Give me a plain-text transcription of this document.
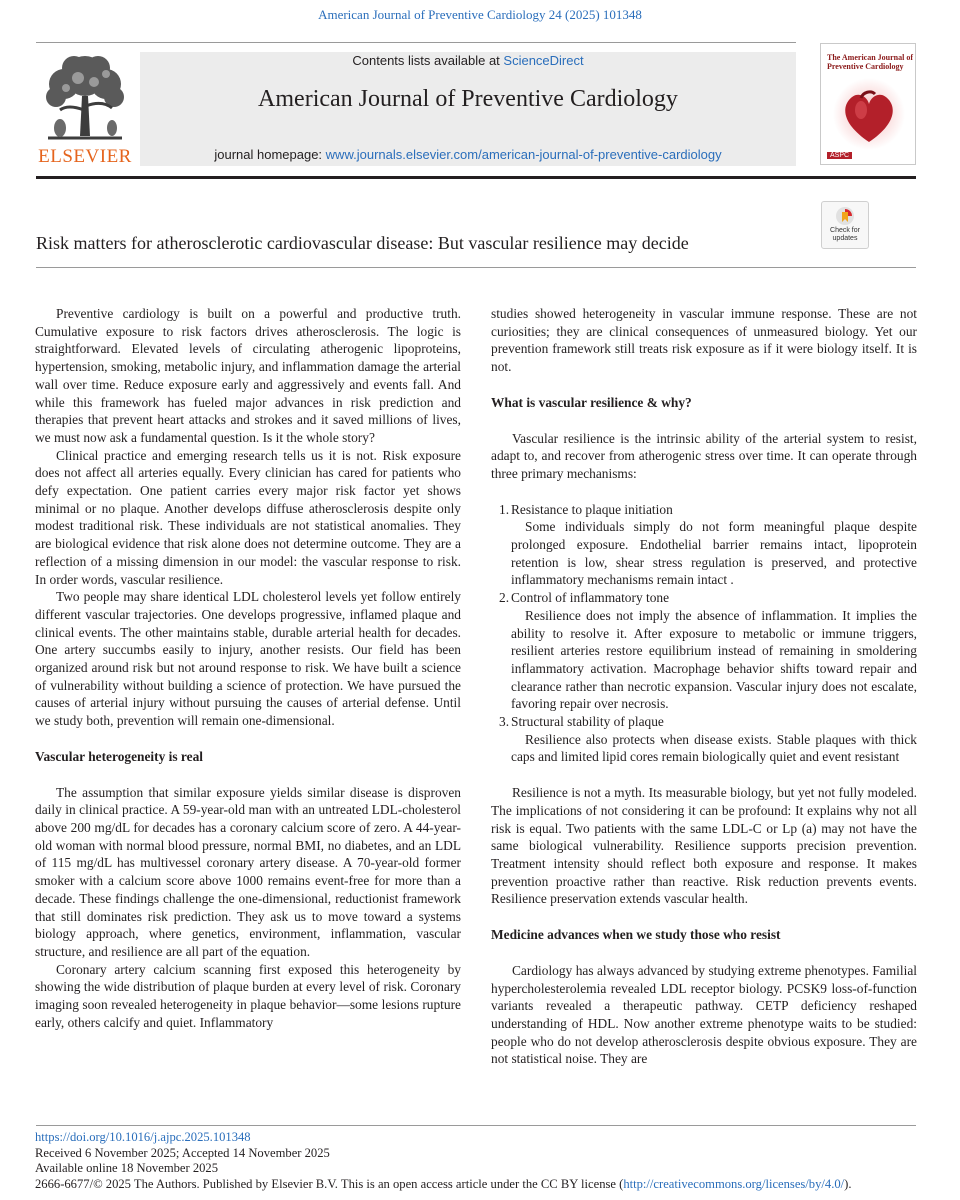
American Journal of Preventive Cardiology 24 (2025) 101348
ELSEVIER
Contents lists available at ScienceDirect
American Journal of Preventive Cardiology
journal homepage: www.journals.elsevier.com/american-journal-of-preventive-cardiology
The American Journal of Preventive Cardiology
ASPC
Risk matters for atherosclerotic cardiovascular disease: But vascular resilience may decide
Check for
updates

Preventive cardiology is built on a powerful and productive truth. Cumulative exposure to risk factors drives atherosclerosis. The logic is straightforward. Elevated levels of circulating atherogenic lipoproteins, hypertension, smoking, metabolic injury, and inflammation damage the arterial wall over time. Reduce exposure early and aggressively and events fall. And while this framework has fueled major advances in risk prediction and therapies that prevent heart attacks and strokes and it saved millions of lives, we must now ask a fundamental question. Is it the whole story?

Clinical practice and emerging research tells us it is not. Risk exposure does not affect all arteries equally. Every clinician has cared for patients who defy expectation. One patient carries every major risk factor yet shows minimal or no plaque. Another develops diffuse atherosclerosis despite only modest traditional risk. These individuals are not statistical anomalies. They are biological evidence that risk alone does not determine outcome. They are a reflection of a missing dimension in our model: the vascular response to risk. In order words, vascular resilience.

Two people may share identical LDL cholesterol levels yet follow entirely different vascular trajectories. One develops progressive, inflamed plaque and clinical events. The other maintains stable, durable arterial health for decades. One artery succumbs easily to injury, another resists. Our field has been organized around risk but not around response to risk. We have built a science of vulnerability without building a science of protection. We have pursued the causes of arterial injury without pursuing the causes of arterial defense. Until we study both, prevention will remain one-dimensional.

Vascular heterogeneity is real

The assumption that similar exposure yields similar disease is disproven daily in clinical practice. A 59-year-old man with an untreated LDL-cholesterol above 200 mg/dL for decades has a coronary calcium score of zero. A 44-year-old woman with normal blood pressure, normal BMI, no diabetes, and an LDL of 115 mg/dL has multivessel coronary artery disease. A 70-year-old former smoker with a calcium score above 1000 remains event-free for more than a decade. These findings challenge the one-dimensional, reductionist framework that still dominates risk prediction. They ask us to move toward a systems biology approach, where genetics, environment, inflammation, vascular structure, and resilience are all part of the equation.

Coronary artery calcium scanning first exposed this heterogeneity by showing the wide distribution of plaque burden at every level of risk. Coronary imaging soon revealed heterogeneity in plaque behavior—some lesions rupture early, others calcify and quiet. Inflammatory

studies showed heterogeneity in vascular immune response. These are not curiosities; they are clinical consequences of unmeasured biology. Yet our prevention framework still treats risk exposure as if it were biology itself. It is not.

What is vascular resilience & why?

Vascular resilience is the intrinsic ability of the arterial system to resist, adapt to, and recover from atherogenic stress over time. It can operate through three primary mechanisms:

1. Resistance to plaque initiation
Some individuals simply do not form meaningful plaque despite prolonged exposure. Endothelial barrier remains intact, lipoprotein retention is low, shear stress regulation is preserved, and protective inflammatory mechanisms remain intact .
2. Control of inflammatory tone
Resilience does not imply the absence of inflammation. It implies the ability to resolve it. After exposure to metabolic or immune triggers, resilient arteries restore equilibrium instead of remaining in smoldering inflammatory activation. Macrophage behavior shifts toward repair and clearance rather than necrotic expansion. Vascular injury does not escalate, favoring repair over necrosis.
3. Structural stability of plaque
Resilience also protects when disease exists. Stable plaques with thick caps and limited lipid cores remain biologically quiet and event resistant

Resilience is not a myth. Its measurable biology, but yet not fully modeled. The implications of not considering it can be profound: It explains why not all risk is equal. Two patients with the same LDL-C or Lp (a) may not have the same biological vulnerability. Resilience supports precision prevention. Treatment intensity should reflect both exposure and response. It makes prevention proactive rather than reactive. Risk reduction prevents events. Resilience preservation extends vascular health.

Medicine advances when we study those who resist

Cardiology has always advanced by studying extreme phenotypes. Familial hypercholesterolemia revealed LDL receptor biology. PCSK9 loss-of-function variants revealed a therapeutic pathway. CETP deficiency reshaped understanding of HDL. Now another extreme phenotype waits to be studied: people who do not develop atherosclerosis despite obvious exposure. They are not statistical noise. They are

https://doi.org/10.1016/j.ajpc.2025.101348
Received 6 November 2025; Accepted 14 November 2025
Available online 18 November 2025
2666-6677/© 2025 The Authors. Published by Elsevier B.V. This is an open access article under the CC BY license (http://creativecommons.org/licenses/by/4.0/).
